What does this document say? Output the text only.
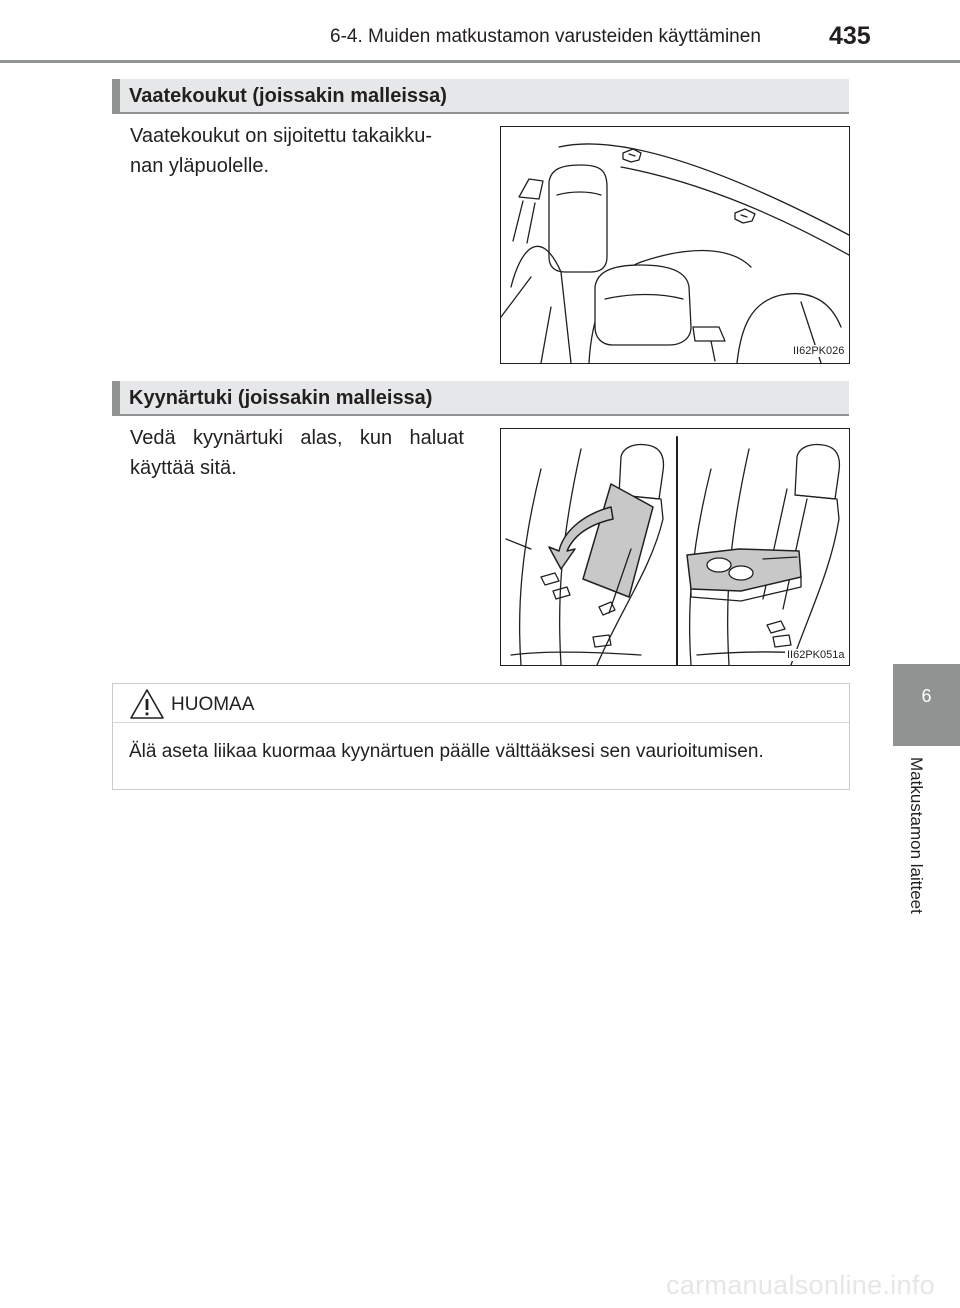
6-4. Muiden matkustamon varusteiden käyttäminen	435
Vaatekoukut (joissakin malleissa)
Vaatekoukut on sijoitettu takaikku-
nan yläpuolelle.
II62PK026
Kyynärtuki (joissakin malleissa)
Vedä kyynärtuki alas, kun haluat käyttää sitä.
II62PK051a
HUOMAA
Älä aseta liikaa kuormaa kyynärtuen päälle välttääksesi sen vaurioitumisen.
6
Matkustamon laitteet
carmanualsonline.info
